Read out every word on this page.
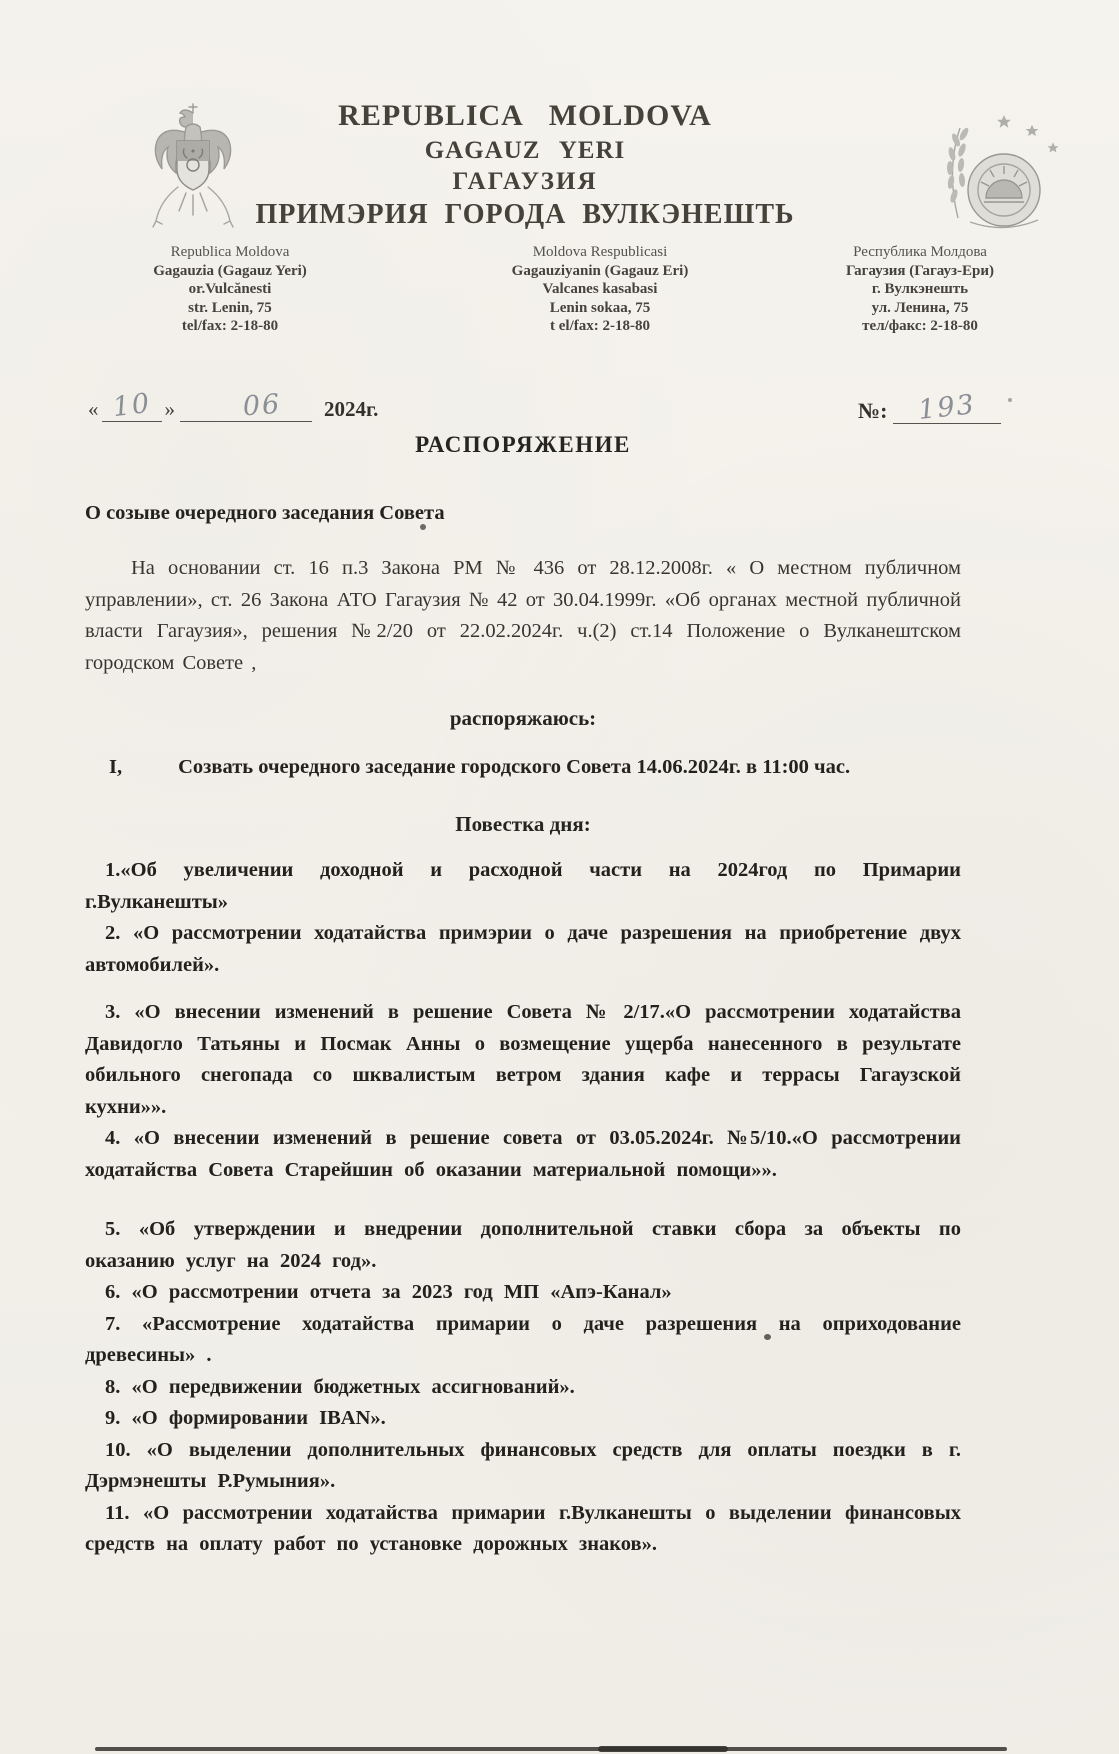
REPUBLICA MOLDOVA
GAGAUZ YERI
ГАГАУЗИЯ
ПРИМЭРИЯ ГОРОДА ВУЛКЭНЕШТЬ
Republica Moldova
Gagauzia (Gagauz Yeri)
or.Vulcănesti
str. Lenin, 75
tel/fax: 2-18-80
Moldova Respublicasi
Gagauziyanin (Gagauz Eri)
Valcanes kasabasi
Lenin sokaa, 75
t el/fax: 2-18-80
Республика Молдова
Гагаузия (Гагауз-Ери)
г. Вулкэнешть
ул. Ленина, 75
тел/факс: 2-18-80
« 10 » 06 2024г.	№: 193
РАСПОРЯЖЕНИЕ
О созыве очередного заседания Совета

На основании ст. 16 п.3 Закона РМ № 436 от 28.12.2008г. « О местном публичном управлении», ст. 26 Закона АТО Гагаузия № 42 от 30.04.1999г. «Об органах местной публичной власти Гагаузия», решения №2/20 от 22.02.2024г. ч.(2) ст.14 Положение о Вулканештском городском Совете ,

распоряжаюсь:

I,	Созвать очередного заседание городского Совета 14.06.2024г. в 11:00 час.

Повестка дня:

1.«Об увеличении доходной и расходной части на 2024год по Примарии г.Вулканешты»

2. «О рассмотрении ходатайства примэрии о даче разрешения на приобретение двух автомобилей».

3. «О внесении изменений в решение Совета № 2/17.«О рассмотрении ходатайства Давидогло Татьяны и Посмак Анны о возмещение ущерба нанесенного в результате обильного снегопада со шквалистым ветром здания кафе и террасы Гагаузской кухни»».

4. «О внесении изменений в решение совета от 03.05.2024г. №5/10.«О рассмотрении ходатайства Совета Старейшин об оказании материальной помощи»».

5. «Об утверждении и внедрении дополнительной ставки сбора за объекты по оказанию услуг на 2024 год».

6. «О рассмотрении отчета за 2023 год МП «Апэ-Канал»

7. «Рассмотрение ходатайства примарии о даче разрешения на оприходование древесины» .

8. «О передвижении бюджетных ассигнований».

9. «О формировании IBAN».

10. «О выделении дополнительных финансовых средств для оплаты поездки в г. Дэрмэнешты Р.Румыния».

11. «О рассмотрении ходатайства примарии г.Вулканешты о выделении финансовых средств на оплату работ по установке дорожных знаков».
